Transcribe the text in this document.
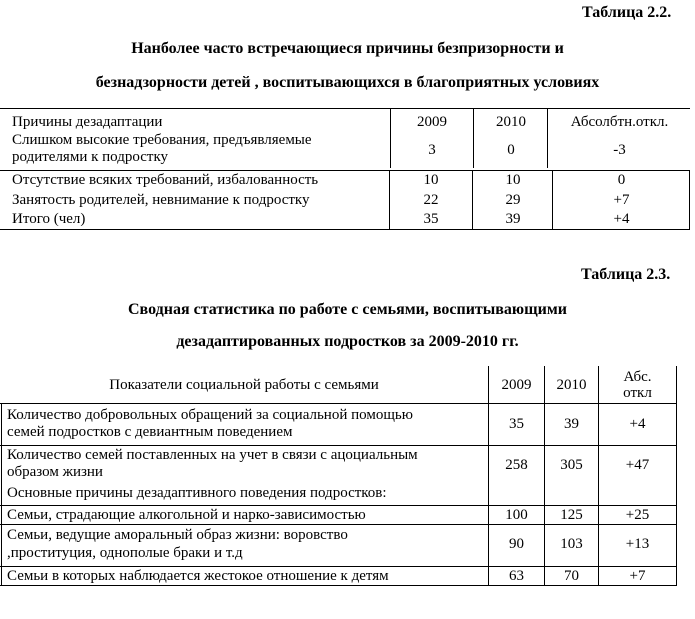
Таблица 2.2.
Нанболее часто встречающиеся причины безпризорности и
безнадзорности детей , воспитывающихся в благоприятных условиях
Причины дезадаптации	2009	2010	Абсолбтн.откл.
Слишком высокие требования, предъявляемые
родителями к подростку	3	0	-3
Отсутствие всяких требований, избалованность	10	10	0
Занятость родителей, невнимание к подростку	22	29	+7
Итого (чел)	35	39	+4
Таблица 2.3.
Сводная статистика по работе с семьями, воспитывающими
дезадаптированных подростков за 2009-2010 гг.
Показатели социальной работы с семьями	2009	2010	Абс.
откл
Количество добровольных обращений за социальной помощью
семей подростков с девиантным поведением	35	39	+4
Количество семей поставленных на учет в связи с ацоциальным
образом жизни
Основные причины дезадаптивного поведения подростков:
258	305	+47
Семьи, страдающие алкогольной и нарко-зависимостью	100	125	+25
Семьи, ведущие аморальный образ жизни: воровство
,проституция, однополые браки и т.д
90	103	+13
Семьи в которых наблюдается жестокое отношение к детям	63	70	+7
